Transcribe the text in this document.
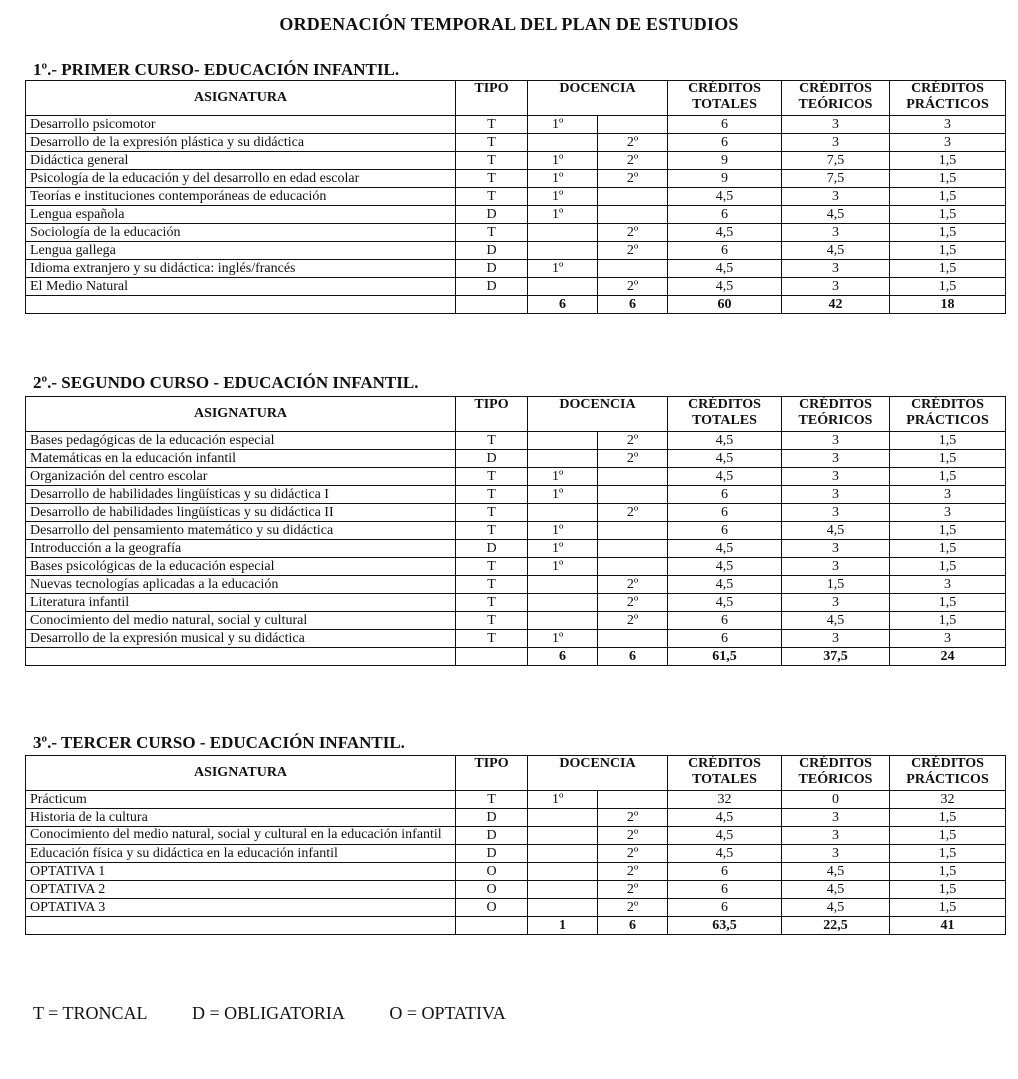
ORDENACIÓN TEMPORAL DEL PLAN DE ESTUDIOS
1º.- PRIMER CURSO- EDUCACIÓN INFANTIL.
ASIGNATURA	TIPO	DOCENCIA		CRÉDITOS TOTALES	CRÉDITOS TEÓRICOS	CRÉDITOS PRÁCTICOS
Desarrollo psicomotor	T	1º		6	3	3
Desarrollo de la expresión plástica y su didáctica	T		2º	6	3	3
Didáctica general	T	1º	2º	9	7,5	1,5
Psicología de la educación y del desarrollo en edad escolar	T	1º	2º	9	7,5	1,5
Teorías e instituciones contemporáneas de educación	T	1º		4,5	3	1,5
Lengua española	D	1º		6	4,5	1,5
Sociología de la educación	T		2º	4,5	3	1,5
Lengua gallega	D		2º	6	4,5	1,5
Idioma extranjero y su didáctica: inglés/francés	D	1º		4,5	3	1,5
El Medio Natural	D		2º	4,5	3	1,5
		6	6	60	42	18
2º.- SEGUNDO CURSO - EDUCACIÓN INFANTIL.
ASIGNATURA	TIPO	DOCENCIA		CRÉDITOS TOTALES	CRÉDITOS TEÓRICOS	CRÉDITOS PRÁCTICOS
Bases pedagógicas de la educación especial	T		2º	4,5	3	1,5
Matemáticas en la educación infantil	D		2º	4,5	3	1,5
Organización del centro escolar	T	1º		4,5	3	1,5
Desarrollo de habilidades lingüísticas y su didáctica I	T	1º		6	3	3
Desarrollo de habilidades lingüísticas y su didáctica II	T		2º	6	3	3
Desarrollo del pensamiento matemático y su didáctica	T	1º		6	4,5	1,5
Introducción a la geografía	D	1º		4,5	3	1,5
Bases psicológicas de la educación especial	T	1º		4,5	3	1,5
Nuevas tecnologías aplicadas a la educación	T		2º	4,5	1,5	3
Literatura infantil	T		2º	4,5	3	1,5
Conocimiento del medio natural, social y cultural	T		2º	6	4,5	1,5
Desarrollo de la expresión musical y su didáctica	T	1º		6	3	3
		6	6	61,5	37,5	24
3º.- TERCER CURSO - EDUCACIÓN INFANTIL.
ASIGNATURA	TIPO	DOCENCIA		CRÉDITOS TOTALES	CRÉDITOS TEÓRICOS	CRÉDITOS PRÁCTICOS
Prácticum	T	1º		32	0	32
Historia de la cultura	D		2º	4,5	3	1,5
Conocimiento del medio natural, social y cultural en la educación infantil	D		2º	4,5	3	1,5
Educación física y su didáctica en la educación infantil	D		2º	4,5	3	1,5
OPTATIVA 1	O		2º	6	4,5	1,5
OPTATIVA 2	O		2º	6	4,5	1,5
OPTATIVA 3	O		2º	6	4,5	1,5
		1	6	63,5	22,5	41
T = TRONCAL D = OBLIGATORIA O = OPTATIVA
